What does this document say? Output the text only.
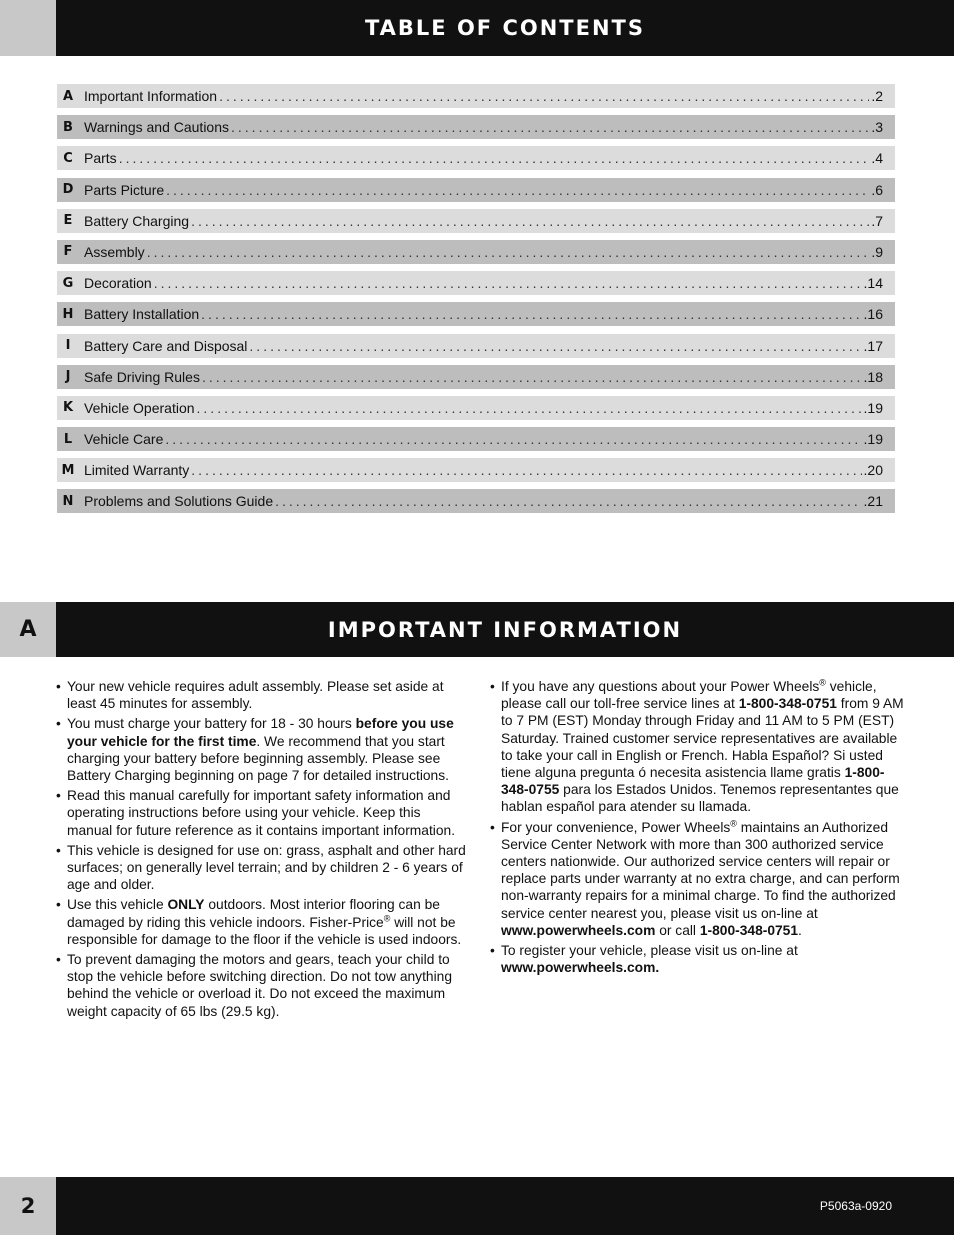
TABLE OF CONTENTS
A Important Information .....	.2
B Warnings and Cautions .....	.3
C Parts .....	.4
D Parts Picture .....	.6
E Battery Charging .....	.7
F Assembly .....	.9
G Decoration .....	.14
H Battery Installation .....	.16
I Battery Care and Disposal .....	.17
J Safe Driving Rules .....	.18
K Vehicle Operation .....	.19
L Vehicle Care .....	.19
M Limited Warranty .....	.20
N Problems and Solutions Guide .....	.21
A	IMPORTANT INFORMATION
• Your new vehicle requires adult assembly. Please set aside at least 45 minutes for assembly.
• You must charge your battery for 18 - 30 hours before you use your vehicle for the first time. We recommend that you start charging your battery before beginning assembly. Please see Battery Charging beginning on page 7 for detailed instructions.
• Read this manual carefully for important safety information and operating instructions before using your vehicle. Keep this manual for future reference as it contains important information.
• This vehicle is designed for use on: grass, asphalt and other hard surfaces; on generally level terrain; and by children 2 - 6 years of age and older.
• Use this vehicle ONLY outdoors. Most interior flooring can be damaged by riding this vehicle indoors. Fisher-Price® will not be responsible for damage to the floor if the vehicle is used indoors.
• To prevent damaging the motors and gears, teach your child to stop the vehicle before switching direction. Do not tow anything behind the vehicle or overload it. Do not exceed the maximum weight capacity of 65 lbs (29.5 kg).
• If you have any questions about your Power Wheels® vehicle, please call our toll-free service lines at 1-800-348-0751 from 9 AM to 7 PM (EST) Monday through Friday and 11 AM to 5 PM (EST) Saturday. Trained customer service representatives are available to take your call in English or French. Habla Español? Si usted tiene alguna pregunta ó necesita asistencia llame gratis 1-800-348-0755 para los Estados Unidos. Tenemos representantes que hablan español para atender su llamada.
• For your convenience, Power Wheels® maintains an Authorized Service Center Network with more than 300 authorized service centers nationwide. Our authorized service centers will repair or replace parts under warranty at no extra charge, and can perform non-warranty repairs for a minimal charge. To find the authorized service center nearest you, please visit us on-line at www.powerwheels.com or call 1-800-348-0751.
• To register your vehicle, please visit us on-line at www.powerwheels.com.
2	P5063a-0920
